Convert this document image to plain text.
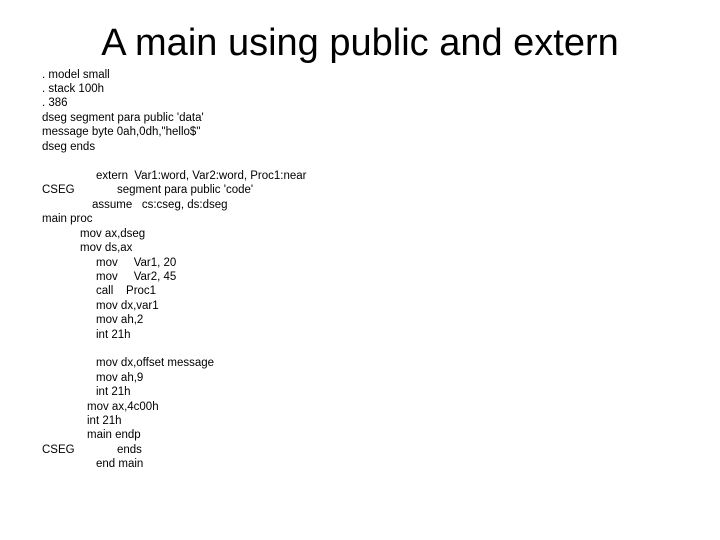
A main using public and extern
. model small
. stack 100h
. 386
dseg segment para public 'data'
message byte 0ah,0dh,"hello$"
dseg ends
extern  Var1:word, Var2:word, Proc1:near
CSEG	segment para public 'code'
assume   cs:cseg, ds:dseg
main proc
mov ax,dseg
mov ds,ax
mov     Var1, 20
mov     Var2, 45
call    Proc1
mov dx,var1
mov ah,2
int 21h
mov dx,offset message
mov ah,9
int 21h
mov ax,4c00h
int 21h
main endp
CSEG	ends
end main
